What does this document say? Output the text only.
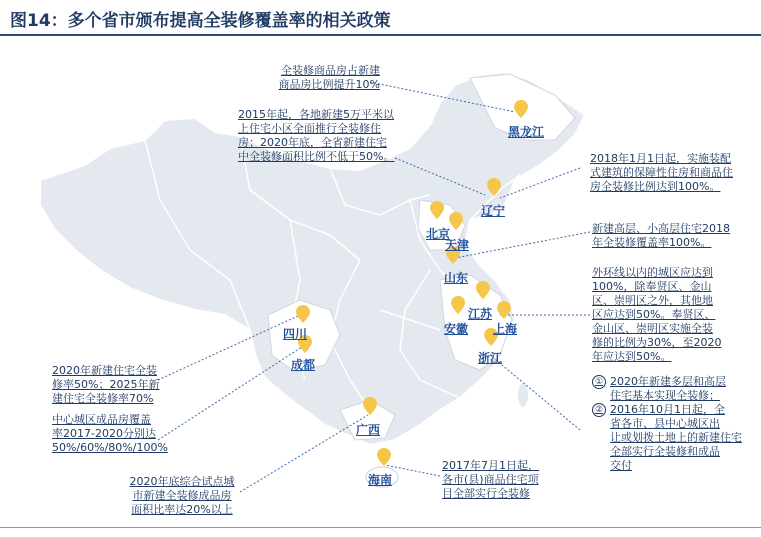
图14：多个省市颁布提高全装修覆盖率的相关政策
黑龙江
辽宁
北京
天津
山东
江苏
安徽 上海
浙江
四川
成都
广西
海南
全装修商品房占新建
商品房比例提升10%
2015年起，各地新建5万平米以
上住宅小区全面推行全装修住
房；2020年底，全省新建住宅
中全装修面积比例不低于50%。	2018年1月1日起，实施装配
式建筑的保障性住房和商品住
房全装修比例达到100%。
新建高层、小高层住宅2018
年全装修覆盖率100%。
外环线以内的城区应达到
100%，除奉贤区、金山
区、崇明区之外，其他地
区应达到50%。奉贤区、
金山区、崇明区实施全装
修的比例为30%，至2020
年应达到50%。
① 2020年新建多层和高层
住宅基本实现全装修；
② 2016年10月1日起，全
省各市、县中心城区出
让或划拨土地上的新建住宅
全部实行全装修和成品
交付
2020年新建住宅全装
修率50%；2025年新
建住宅全装修率70%
中心城区成品房覆盖
率2017-2020分别达
50%/60%/80%/100%
2020年底综合试点城
市新建全装修成品房
面积比率达20%以上
2017年7月1日起，
各市(县)商品住宅项
目全部实行全装修
